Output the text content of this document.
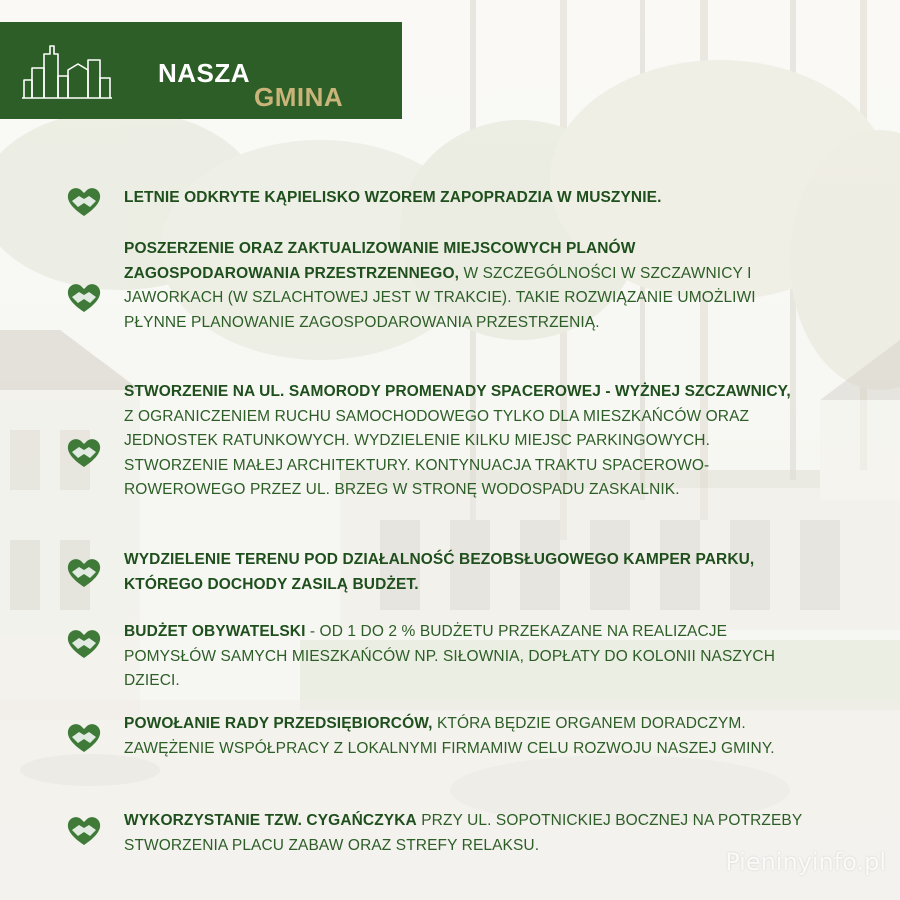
NASZA
GMINA
LETNIE ODKRYTE KĄPIELISKO WZOREM ZAPOPRADZIA W MUSZYNIE.
POSZERZENIE ORAZ ZAKTUALIZOWANIE MIEJSCOWYCH PLANÓW ZAGOSPODAROWANIA PRZESTRZENNEGO, W SZCZEGÓLNOŚCI W SZCZAWNICY I JAWORKACH (W SZLACHTOWEJ JEST W TRAKCIE). TAKIE ROZWIĄZANIE UMOŻLIWI PŁYNNE PLANOWANIE ZAGOSPODAROWANIA PRZESTRZENIĄ.
STWORZENIE NA UL. SAMORODY PROMENADY SPACEROWEJ - WYŻNEJ SZCZAWNICY, Z OGRANICZENIEM RUCHU SAMOCHODOWEGO TYLKO DLA MIESZKAŃCÓW ORAZ JEDNOSTEK RATUNKOWYCH. WYDZIELENIE KILKU MIEJSC PARKINGOWYCH. STWORZENIE MAŁEJ ARCHITEKTURY. KONTYNUACJA TRAKTU SPACEROWO-ROWEROWEGO PRZEZ UL. BRZEG W STRONĘ WODOSPADU ZASKALNIK.
WYDZIELENIE TERENU POD DZIAŁALNOŚĆ BEZOBSŁUGOWEGO KAMPER PARKU, KTÓREGO DOCHODY ZASILĄ BUDŻET.
BUDŻET OBYWATELSKI - OD 1 DO 2 % BUDŻETU PRZEKAZANE NA REALIZACJE POMYSŁÓW SAMYCH MIESZKAŃCÓW NP. SIŁOWNIA, DOPŁATY DO KOLONII NASZYCH DZIECI.
POWOŁANIE RADY PRZEDSIĘBIORCÓW, KTÓRA BĘDZIE ORGANEM DORADCZYM. ZAWĘŻENIE WSPÓŁPRACY Z LOKALNYMI FIRMAMIW CELU ROZWOJU NASZEJ GMINY.
WYKORZYSTANIE TZW. CYGAŃCZYKA PRZY UL. SOPOTNICKIEJ BOCZNEJ NA POTRZEBY STWORZENIA PLACU ZABAW ORAZ STREFY RELAKSU.
Pieninyinfo.pl
